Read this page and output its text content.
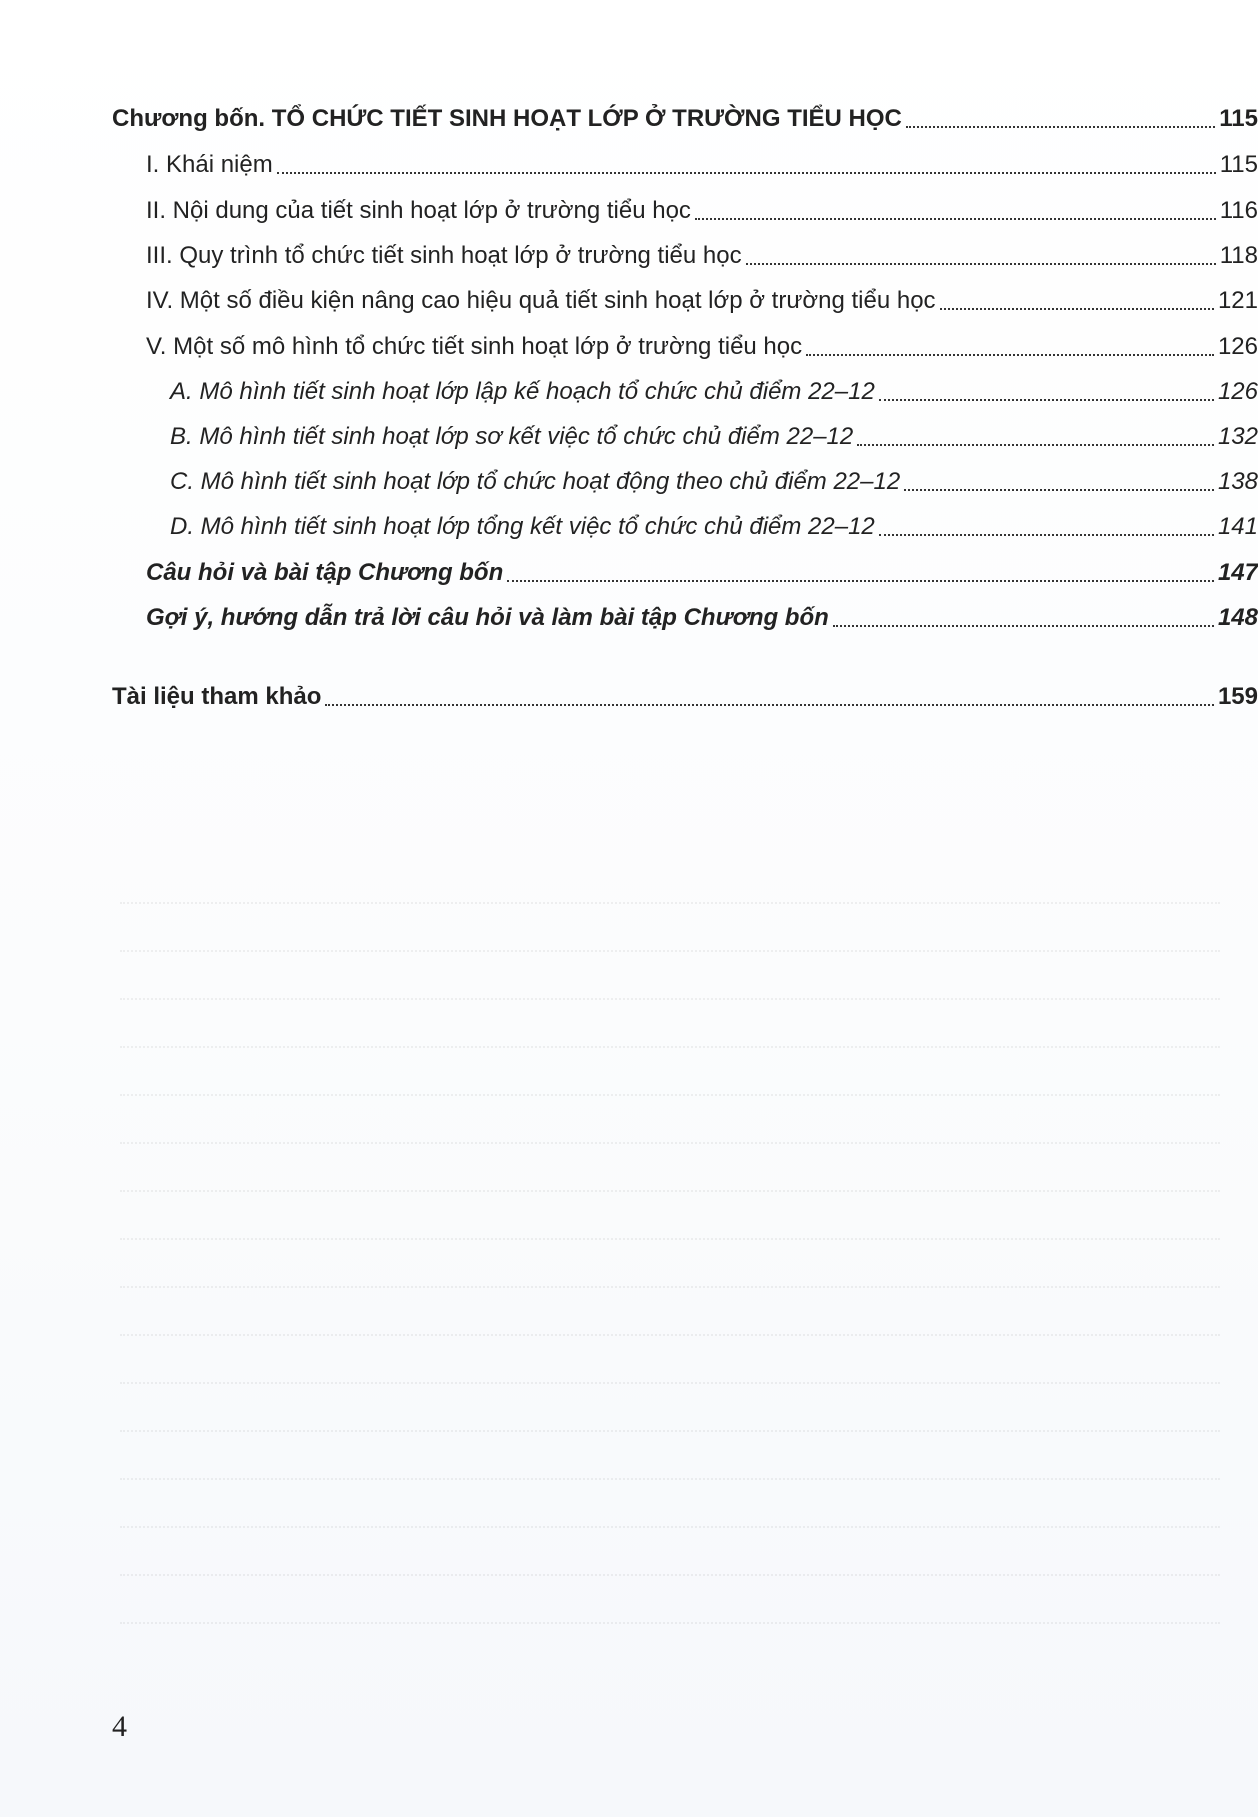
Chương bốn. TỔ CHỨC TIẾT SINH HOẠT LỚP Ở TRƯỜNG TIỂU HỌC	115
I. Khái niệm	115
II. Nội dung của tiết sinh hoạt lớp ở trường tiểu học	116
III. Quy trình tổ chức tiết sinh hoạt lớp ở trường tiểu học	118
IV. Một số điều kiện nâng cao hiệu quả tiết sinh hoạt lớp ở trường tiểu học	121
V. Một số mô hình tổ chức tiết sinh hoạt lớp ở trường tiểu học	126
A. Mô hình tiết sinh hoạt lớp lập kế hoạch tổ chức chủ điểm 22–12	126
B. Mô hình tiết sinh hoạt lớp sơ kết việc tổ chức chủ điểm 22–12	132
C. Mô hình tiết sinh hoạt lớp tổ chức hoạt động theo chủ điểm 22–12	138
D. Mô hình tiết sinh hoạt lớp tổng kết việc tổ chức chủ điểm 22–12	141
Câu hỏi và bài tập Chương bốn	147
Gợi ý, hướng dẫn trả lời câu hỏi và làm bài tập Chương bốn	148
Tài liệu tham khảo	159
4
